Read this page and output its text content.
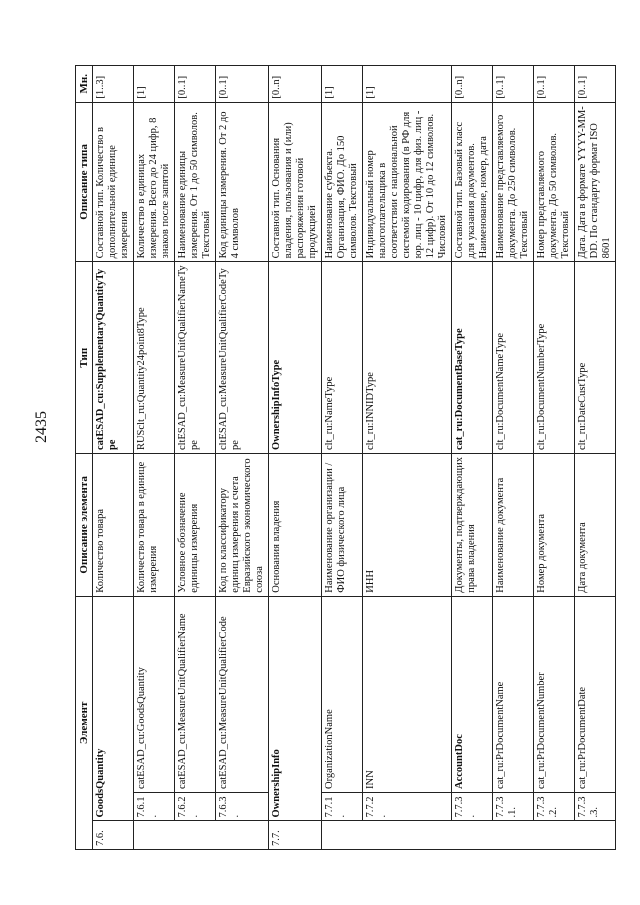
2435
Элемент			Описание элемента	Тип	Описание типа	Мн.
7.6.	GoodsQuantity		Количество товара	catESAD_cu:SupplementaryQuantityType	Составной тип. Количество в дополнительной единице измерения	[1..3]
	7.6.1.	catESAD_cu:GoodsQuantity	Количество товара в единице измерения	RUSclt_ru:Quantity24point8Type	Количество в единицах измерения. Всего до 24 цифр, 8 знаков после запятой	[1]
	7.6.2.	catESAD_cu:MeasureUnitQualifierName	Условное обозначение единицы измерения	cltESAD_cu:MeasureUnitQualifierNameType	Наименование единицы измерения. От 1 до 50 символов. Текстовый	[0..1]
	7.6.3.	catESAD_cu:MeasureUnitQualifierCode	Код по классификатору единиц измерения и счета Евразийского экономического союза	cltESAD_cu:MeasureUnitQualifierCodeType	Код единицы измерения. От 2 до 4 символов	[0..1]
7.7.	OwnershipInfo		Основания владения	OwnershipInfoType	Составной тип. Основания владения, пользования и (или) распоряжения готовой продукцией	[0..n]
	7.7.1.	OrganizationName	Наименование организации / ФИО физического лица	clt_ru:NameType	Наименование субъекта. Организация, ФИО. До 150 символов. Текстовый	[1]
	7.7.2.	INN	ИНН	clt_ru:INNIDType	Индивидуальный номер налогоплательщика в соответствии с национальной системой кодирования (в РФ для юр. лиц - 10 цифр, для физ. лиц - 12 цифр). От 10 до 12 символов. Числовой	[1]
	7.7.3.	AccountDoc	Документы, подтверждающих права владения	cat_ru:DocumentBaseType	Составной тип. Базовый класс для указания документов. Наименование, номер, дата	[0..n]
	7.7.3.1.	cat_ru:PrDocumentName	Наименование документа	clt_ru:DocumentNameType	Наименование представляемого документа. До 250 символов. Текстовый	[0..1]
	7.7.3.2.	cat_ru:PrDocumentNumber	Номер документа	clt_ru:DocumentNumberType	Номер представляемого документа. До 50 символов. Текстовый	[0..1]
	7.7.3.3.	cat_ru:PrDocumentDate	Дата документа	clt_ru:DateCustType	Дата. Дата в формате YYYY-MM-DD. По стандарту формат ISO 8601	[0..1]
